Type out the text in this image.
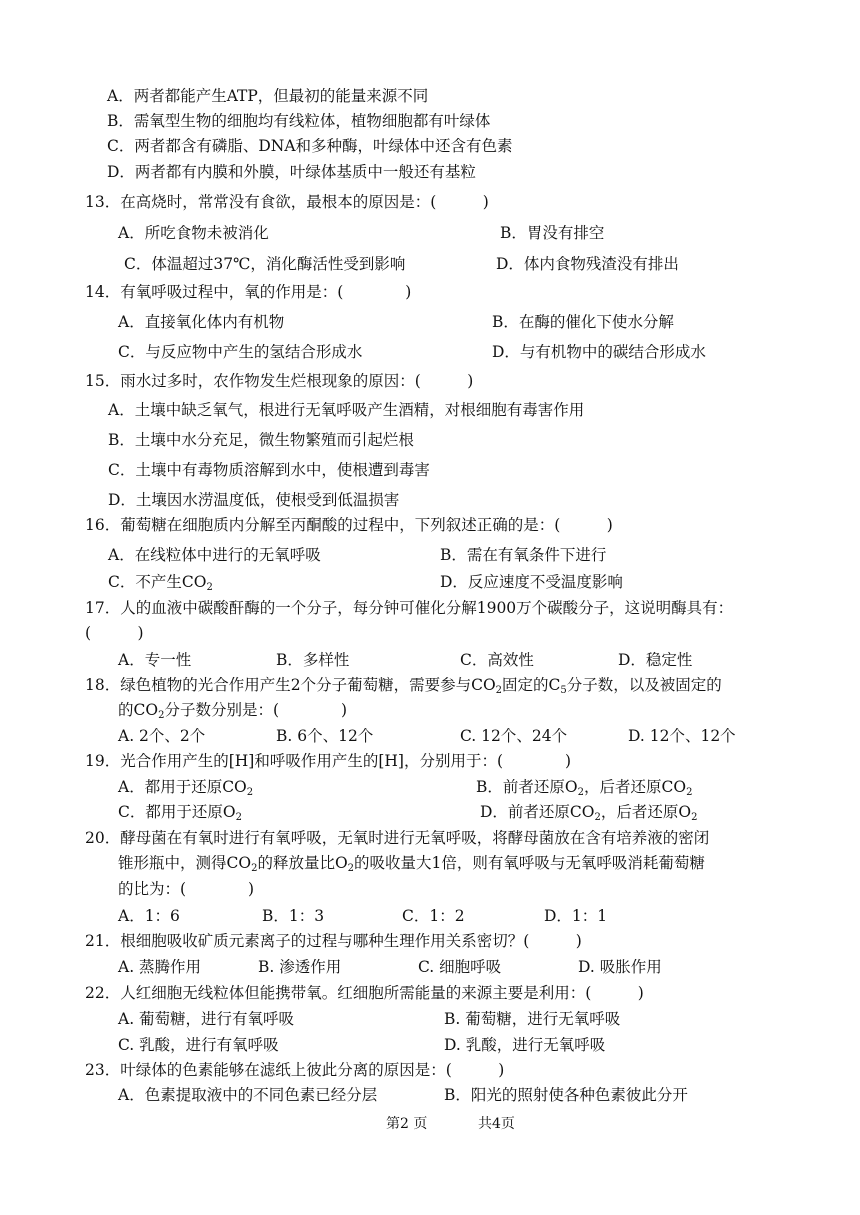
A．两者都能产生ATP，但最初的能量来源不同
B．需氧型生物的细胞均有线粒体，植物细胞都有叶绿体
C．两者都含有磷脂、DNA和多种酶，叶绿体中还含有色素
D．两者都有内膜和外膜，叶绿体基质中一般还有基粒
13．在高烧时，常常没有食欲，最根本的原因是：(　　　)
A．所吃食物未被消化	B．胃没有排空
C．体温超过37℃，消化酶活性受到影响	D．体内食物残渣没有排出
14．有氧呼吸过程中，氧的作用是：(　　　　)
A．直接氧化体内有机物	B．在酶的催化下使水分解
C．与反应物中产生的氢结合形成水	D．与有机物中的碳结合形成水
15．雨水过多时，农作物发生烂根现象的原因：(　　　)
A．土壤中缺乏氧气，根进行无氧呼吸产生酒精，对根细胞有毒害作用
B．土壤中水分充足，微生物繁殖而引起烂根
C．土壤中有毒物质溶解到水中，使根遭到毒害
D．土壤因水涝温度低，使根受到低温损害
16．葡萄糖在细胞质内分解至丙酮酸的过程中，下列叙述正确的是：(　　　)
A．在线粒体中进行的无氧呼吸	B．需在有氧条件下进行
C．不产生$CO_2$	D．反应速度不受温度影响
17．人的血液中碳酸酐酶的一个分子，每分钟可催化分解1900万个碳酸分子，这说明酶具有：
(　　　)
A．专一性	B．多样性	C．高效性	D．稳定性
18．绿色植物的光合作用产生2个分子葡萄糖，需要参与$CO_2$固定的$C_5$分子数，以及被固定的
的$CO_2$分子数分别是：(　　　　)
A. 2个、2个	B. 6个、12个	C. 12个、24个	D. 12个、12个
19．光合作用产生的[H]和呼吸作用产生的[H]，分别用于：(　　　　)
A．都用于还原$CO_2$	B．前者还原$O_2$，后者还原$CO_2$
C．都用于还原$O_2$	D．前者还原$CO_2$，后者还原$O_2$
20．酵母菌在有氧时进行有氧呼吸，无氧时进行无氧呼吸，将酵母菌放在含有培养液的密闭
锥形瓶中，测得$CO_2$的释放量比$O_2$的吸收量大1倍，则有氧呼吸与无氧呼吸消耗葡萄糖
的比为：(　　　　)
A．1：6	B．1：3	C．1：2	D．1：1
21．根细胞吸收矿质元素离子的过程与哪种生理作用关系密切？(　　　)
A. 蒸腾作用	B. 渗透作用	C. 细胞呼吸	D. 吸胀作用
22．人红细胞无线粒体但能携带氧。红细胞所需能量的来源主要是利用：(　　　)
A. 葡萄糖，进行有氧呼吸	B. 葡萄糖，进行无氧呼吸
C. 乳酸，进行有氧呼吸	D. 乳酸，进行无氧呼吸
23．叶绿体的色素能够在滤纸上彼此分离的原因是：(　　　)
A．色素提取液中的不同色素已经分层	B．阳光的照射使各种色素彼此分开
第2 页	共4页
